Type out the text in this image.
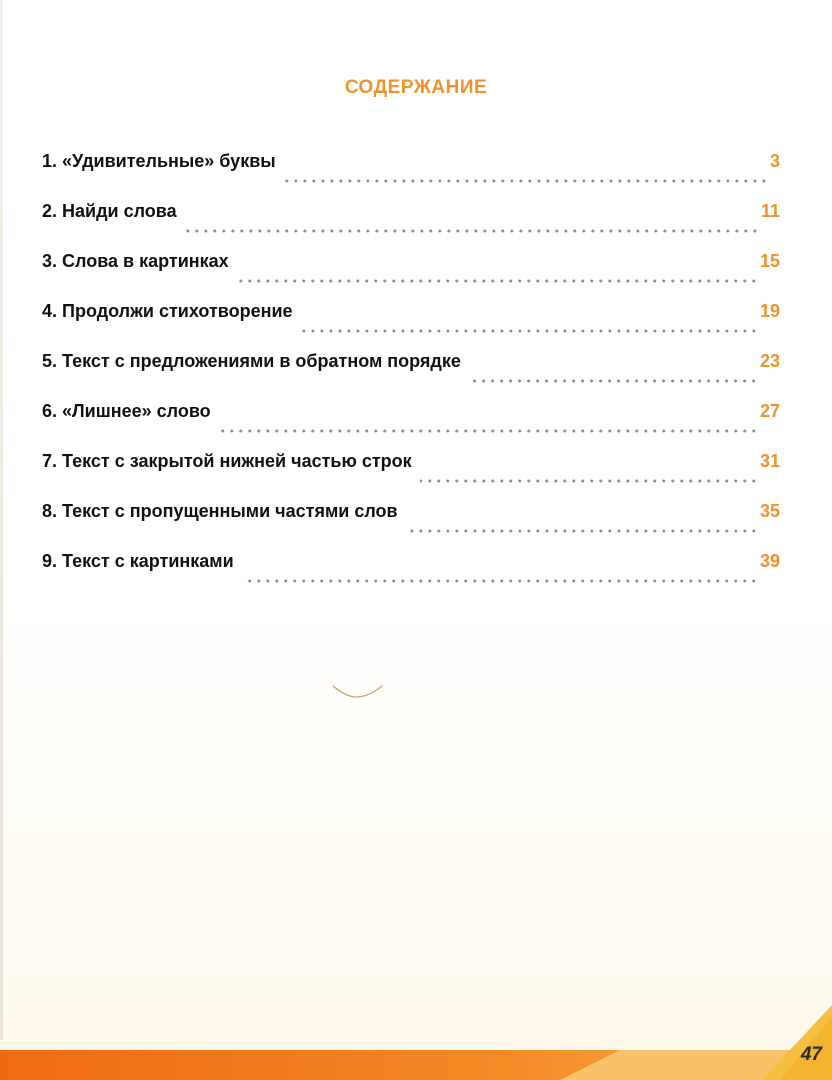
СОДЕРЖАНИЕ
1. «Удивительные» буквы	3
2. Найди слова	11
3. Слова в картинках	15
4. Продолжи стихотворение	19
5. Текст с предложениями в обратном порядке	23
6. «Лишнее» слово	27
7. Текст с закрытой нижней частью строк	31
8. Текст с пропущенными частями слов	35
9. Текст с картинками	39
47
